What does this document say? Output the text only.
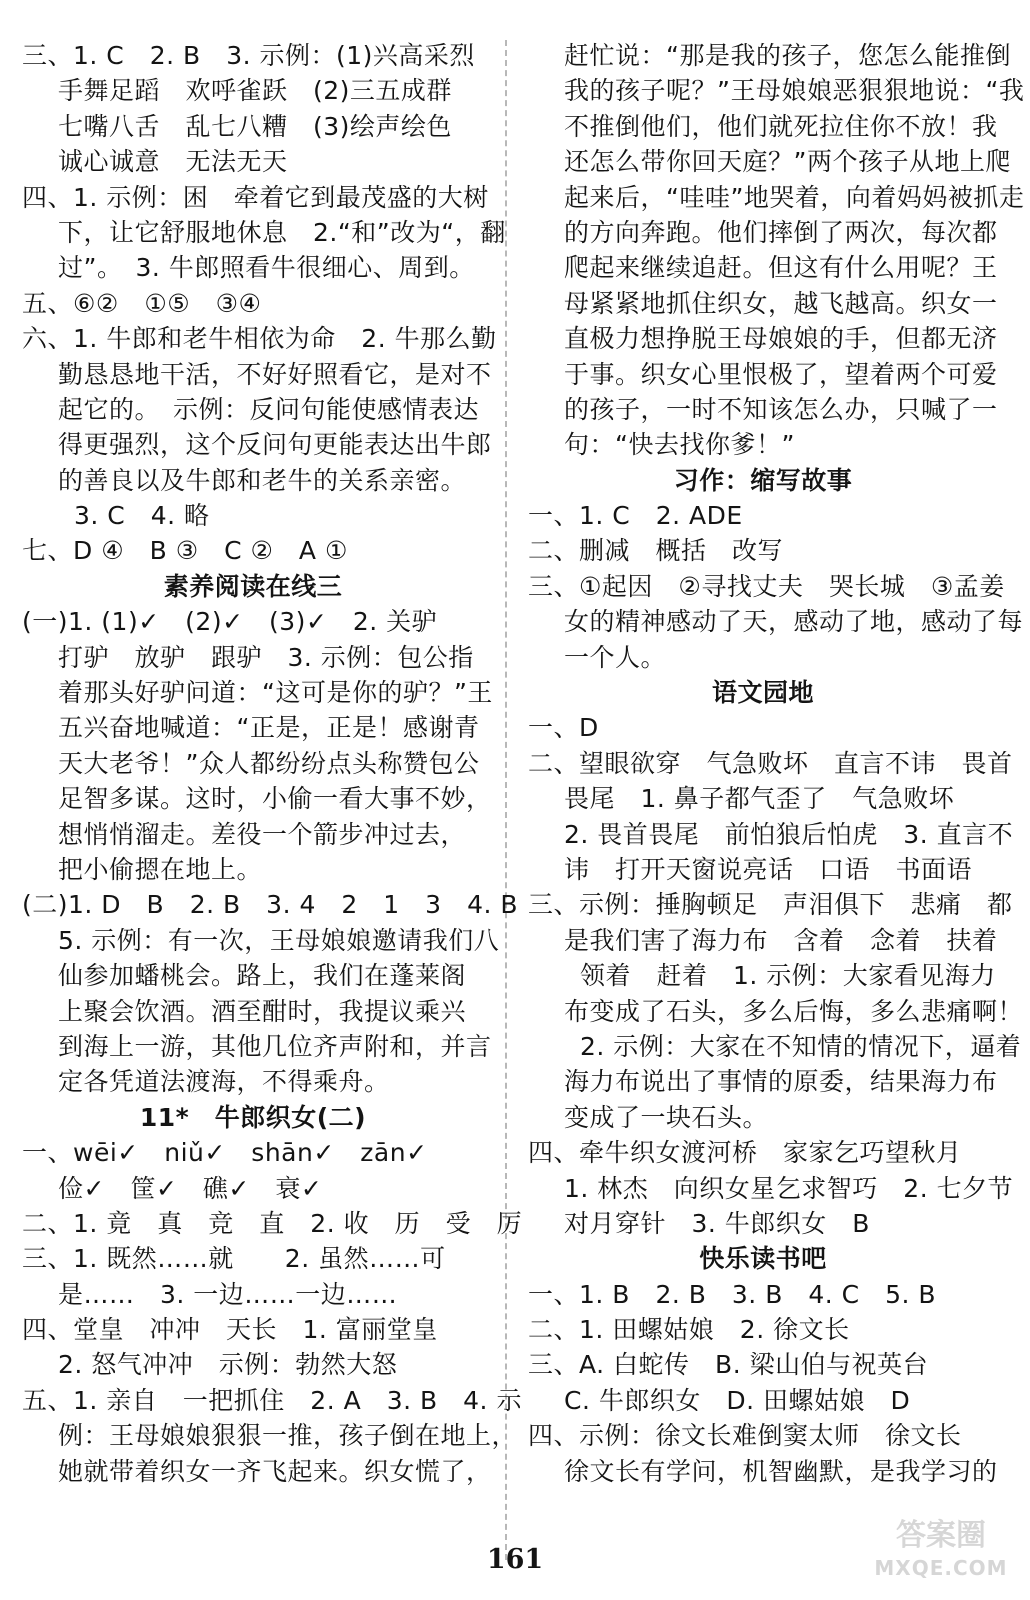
三、1. C　2. B　3. 示例：(1)兴高采烈
手舞足蹈　欢呼雀跃　(2)三五成群
七嘴八舌　乱七八糟　(3)绘声绘色
诚心诚意　无法无天
四、1. 示例：困　牵着它到最茂盛的大树
下，让它舒服地休息　2.“和”改为“，翻
过”。　3. 牛郎照看牛很细心、周到。
五、⑥②　①⑤　③④
六、1. 牛郎和老牛相依为命　2. 牛那么勤
勤恳恳地干活，不好好照看它，是对不
起它的。　示例：反问句能使感情表达
得更强烈，这个反问句更能表达出牛郎
的善良以及牛郎和老牛的关系亲密。
3. C　4. 略
七、D ④　B ③　C ②　A ①
素养阅读在线三
(一)1. (1)✓　(2)✓　(3)✓　2. 关驴
打驴　放驴　跟驴　3. 示例：包公指
着那头好驴问道：“这可是你的驴？”王
五兴奋地喊道：“正是，正是！感谢青
天大老爷！”众人都纷纷点头称赞包公
足智多谋。这时，小偷一看大事不妙，
想悄悄溜走。差役一个箭步冲过去，
把小偷摁在地上。
(二)1. D　B　2. B　3. 4　2　1　3　4. B
5. 示例：有一次，王母娘娘邀请我们八
仙参加蟠桃会。路上，我们在蓬莱阁
上聚会饮酒。酒至酣时，我提议乘兴
到海上一游，其他几位齐声附和，并言
定各凭道法渡海，不得乘舟。
11*　牛郎织女(二)
一、wēi✓　niǔ✓　shān✓　zān✓
俭✓　筐✓　礁✓　衰✓
二、1. 竟　真　竞　直　2. 收　历　受　厉
三、1. 既然……就　　2. 虽然……可
是……　3. 一边……一边……
四、堂皇　冲冲　天长　1. 富丽堂皇
2. 怒气冲冲　示例：勃然大怒
五、1. 亲自　一把抓住　2. A　3. B　4. 示
例：王母娘娘狠狠一推，孩子倒在地上，
她就带着织女一齐飞起来。织女慌了，
赶忙说：“那是我的孩子，您怎么能推倒
我的孩子呢？”王母娘娘恶狠狠地说：“我
不推倒他们，他们就死拉住你不放！我
还怎么带你回天庭？”两个孩子从地上爬
起来后，“哇哇”地哭着，向着妈妈被抓走
的方向奔跑。他们摔倒了两次，每次都
爬起来继续追赶。但这有什么用呢？王
母紧紧地抓住织女，越飞越高。织女一
直极力想挣脱王母娘娘的手，但都无济
于事。织女心里恨极了，望着两个可爱
的孩子，一时不知该怎么办，只喊了一
句：“快去找你爹！”
习作：缩写故事
一、1. C　2. ADE
二、删减　概括　改写
三、①起因　②寻找丈夫　哭长城　③孟姜
女的精神感动了天，感动了地，感动了每
一个人。
语文园地
一、D
二、望眼欲穿　气急败坏　直言不讳　畏首
畏尾　1. 鼻子都气歪了　气急败坏
2. 畏首畏尾　前怕狼后怕虎　3. 直言不
讳　打开天窗说亮话　口语　书面语
三、示例：捶胸顿足　声泪俱下　悲痛　都
是我们害了海力布　含着　念着　扶着
领着　赶着　1. 示例：大家看见海力
布变成了石头，多么后悔，多么悲痛啊！
2. 示例：大家在不知情的情况下，逼着
海力布说出了事情的原委，结果海力布
变成了一块石头。
四、牵牛织女渡河桥　家家乞巧望秋月
1. 林杰　向织女星乞求智巧　2. 七夕节
对月穿针　3. 牛郎织女　B
快乐读书吧
一、1. B　2. B　3. B　4. C　5. B
二、1. 田螺姑娘　2. 徐文长
三、A. 白蛇传　B. 梁山伯与祝英台
C. 牛郎织女　D. 田螺姑娘　D
四、示例：徐文长难倒窦太师　徐文长
徐文长有学问，机智幽默，是我学习的
161
答案圈
MXQE.COM
